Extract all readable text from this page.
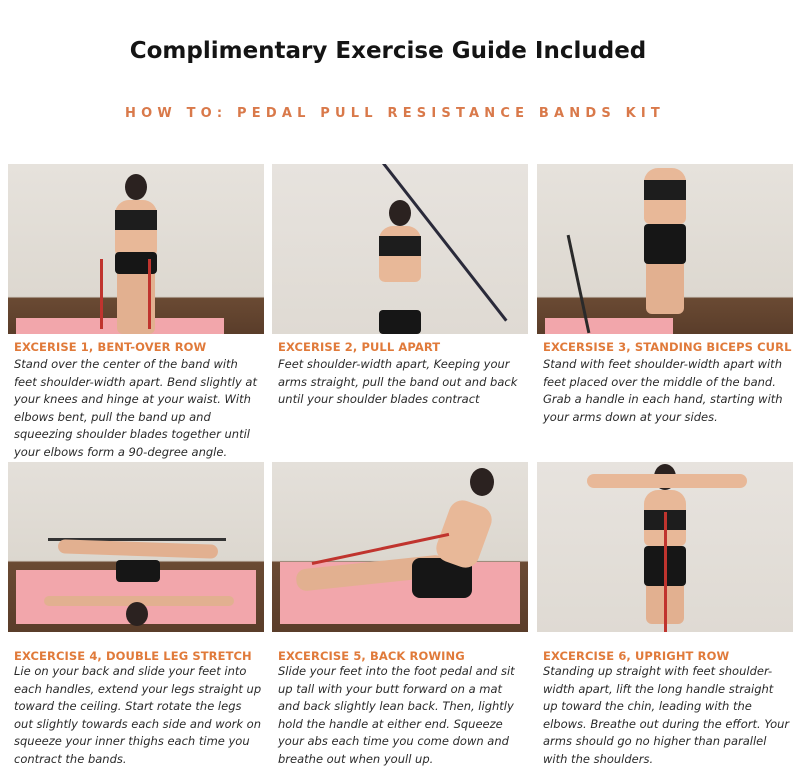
Complimentary Exercise Guide Included
HOW TO: PEDAL PULL RESISTANCE BANDS KIT
EXCERISE 1, BENT-OVER ROW
Stand over the center of the band with feet shoulder-width apart. Bend slightly at your knees and hinge at your waist. With elbows bent, pull the band up and squeezing shoulder blades together until your elbows form a 90-degree angle.
EXCERISE 2, PULL APART
Feet shoulder-width apart, Keeping your arms straight, pull the band out and back until your shoulder blades contract
EXCERSISE 3, STANDING BICEPS CURL
Stand with feet shoulder-width apart with feet placed over the middle of the band. Grab a handle in each hand, starting with your arms down at your sides.
EXCERCISE 4, DOUBLE LEG STRETCH
Lie on your back and slide your feet into each handles, extend your legs straight up toward the ceiling. Start rotate the legs out slightly towards each side and work on squeeze your inner thighs each time you contract the bands.
EXCERCISE 5, BACK ROWING
Slide your feet into the foot pedal and sit up tall with your butt forward on a mat and back slightly lean back. Then, lightly hold the handle at either end. Squeeze your abs each time you come down and breathe out when youll up.
EXCERCISE 6, UPRIGHT ROW
Standing up straight with feet shoulder-width apart, lift the long handle straight up toward the chin, leading with the elbows. Breathe out during the effort. Your arms should go no higher than parallel with the shoulders.
